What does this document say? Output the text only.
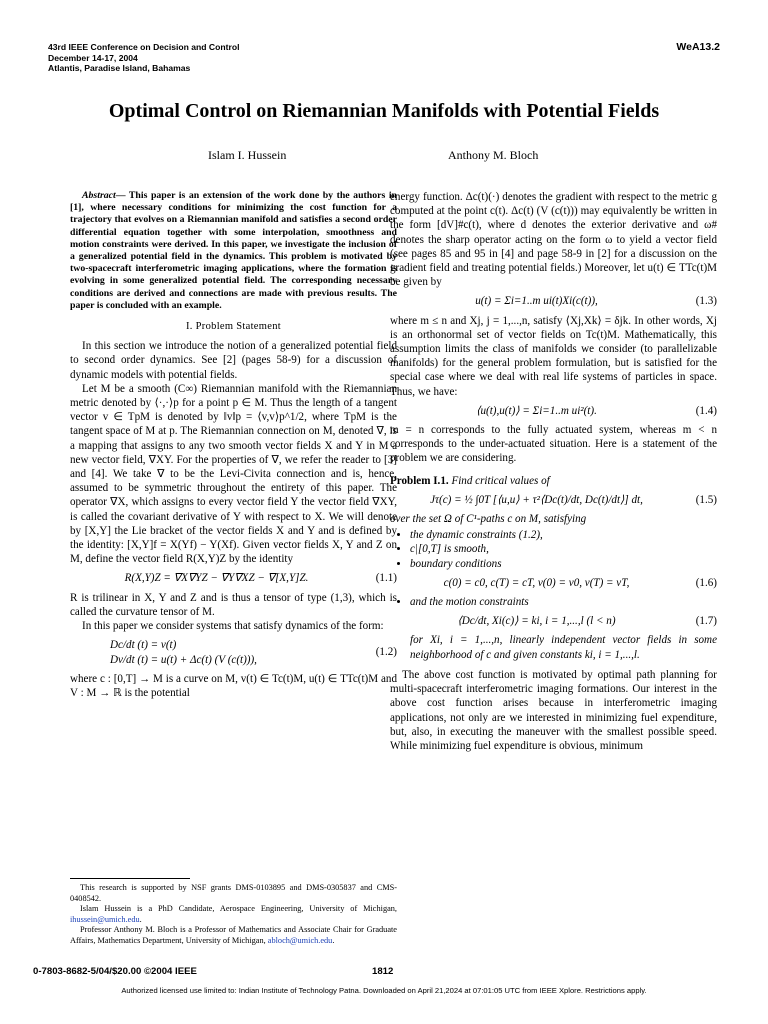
43rd IEEE Conference on Decision and Control
December 14-17, 2004
Atlantis, Paradise Island, Bahamas
WeA13.2
Optimal Control on Riemannian Manifolds with Potential Fields
Islam I. Hussein	Anthony M. Bloch

Abstract— This paper is an extension of the work done by the authors in [1], where necessary conditions for minimizing the cost function for a trajectory that evolves on a Riemannian manifold and satisfies a second order differential equation together with some interpolation, smoothness and motion constraints were derived. In this paper, we investigate the inclusion of a generalized potential field in the dynamics. This problem is motivated by two-spacecraft interferometric imaging applications, where the formation is evolving in some generalized potential field. The corresponding necessary conditions are derived and connections are made with previous results. The paper is concluded with an example.

I. Problem Statement

In this section we introduce the notion of a generalized potential field to second order dynamics. See [2] (pages 58-9) for a discussion of dynamic models with potential fields.

Let M be a smooth (C∞) Riemannian manifold with the Riemannian metric denoted by ⟨·,·⟩p for a point p ∈ M. Thus the length of a tangent vector v ∈ TpM is denoted by ‖v‖p = ⟨v,v⟩p^1/2, where TpM is the tangent space of M at p. The Riemannian connection on M, denoted ∇, is a mapping that assigns to any two smooth vector fields X and Y in M a new vector field, ∇XY. For the properties of ∇, we refer the reader to [3] and [4]. We take ∇ to be the Levi-Civita connection and is, hence, assumed to be symmetric throughout the entirety of this paper. The operator ∇X, which assigns to every vector field Y the vector field ∇XY, is called the covariant derivative of Y with respect to X. We will denote by [X,Y] the Lie bracket of the vector fields X and Y and is defined by the identity: [X,Y]f = X(Yf) − Y(Xf). Given vector fields X, Y and Z on M, define the vector field R(X,Y)Z by the identity

R(X,Y)Z = ∇X∇YZ − ∇Y∇XZ − ∇[X,Y]Z.	(1.1)

R is trilinear in X, Y and Z and is thus a tensor of type (1,3), which is called the curvature tensor of M.

In this paper we consider systems that satisfy dynamics of the form:

Dc/dt (t) = v(t)
Dv/dt (t) = u(t) + Δc(t) (V (c(t))),
(1.2)

where c : [0,T] → M is a curve on M, v(t) ∈ Tc(t)M, u(t) ∈ TTc(t)M and V : M → ℝ is the potential

This research is supported by NSF grants DMS-0103895 and DMS-0305837 and CMS-0408542.

Islam Hussein is a PhD Candidate, Aerospace Engineering, University of Michigan, ihussein@umich.edu.

Professor Anthony M. Bloch is a Professor of Mathematics and Associate Chair for Graduate Affairs, Mathematics Department, University of Michigan, abloch@umich.edu.

energy function. Δc(t)(·) denotes the gradient with respect to the metric g computed at the point c(t). Δc(t) (V (c(t))) may equivalently be written in the form [dV]#c(t), where d denotes the exterior derivative and ω# denotes the sharp operator acting on the form ω to yield a vector field (see pages 85 and 95 in [4] and page 58-9 in [2] for a discussion on the gradient field and treating potential fields.) Moreover, let u(t) ∈ TTc(t)M be given by

u(t) = Σi=1..m ui(t)Xi(c(t)),	(1.3)

where m ≤ n and Xj, j = 1,...,n, satisfy ⟨Xj,Xk⟩ = δjk. In other words, Xj is an orthonormal set of vector fields on Tc(t)M. Mathematically, this assumption limits the class of manifolds we consider (to parallelizable manifolds) for the general problem formulation, but is satisfied for the special case where we deal with real life systems of particles in space. Thus, we have:

⟨u(t),u(t)⟩ = Σi=1..m ui²(t).	(1.4)

m = n corresponds to the fully actuated system, whereas m < n corresponds to the under-actuated situation. Here is a statement of the problem we are considering.

Problem I.1. Find critical values of

Jτ(c) = ½ ∫0T [⟨u,u⟩ + τ²⟨Dc(t)/dt, Dc(t)/dt⟩] dt,	(1.5)

over the set Ω of C¹-paths c on M, satisfying

• the dynamic constraints (1.2),
• c|[0,T] is smooth,
• boundary conditions
c(0) = c0, c(T) = cT, v(0) = v0, v(T) = vT,	(1.6)
• and the motion constraints
⟨Dc/dt, Xi(c)⟩ = ki, i = 1,...,l (l < n)	(1.7)

for Xi, i = 1,...,n, linearly independent vector fields in some neighborhood of c and given constants ki, i = 1,...,l.

The above cost function is motivated by optimal path planning for multi-spacecraft interferometric imaging formations. Our interest in the above cost function arises because in interferometric imaging applications, not only are we interested in minimizing fuel expenditure, but, also, in executing the maneuver with the smallest possible speed. While minimizing fuel expenditure is obvious, minimum

0-7803-8682-5/04/$20.00 ©2004 IEEE	1812
Authorized licensed use limited to: Indian Institute of Technology Patna. Downloaded on April 21,2024 at 07:01:05 UTC from IEEE Xplore. Restrictions apply.
